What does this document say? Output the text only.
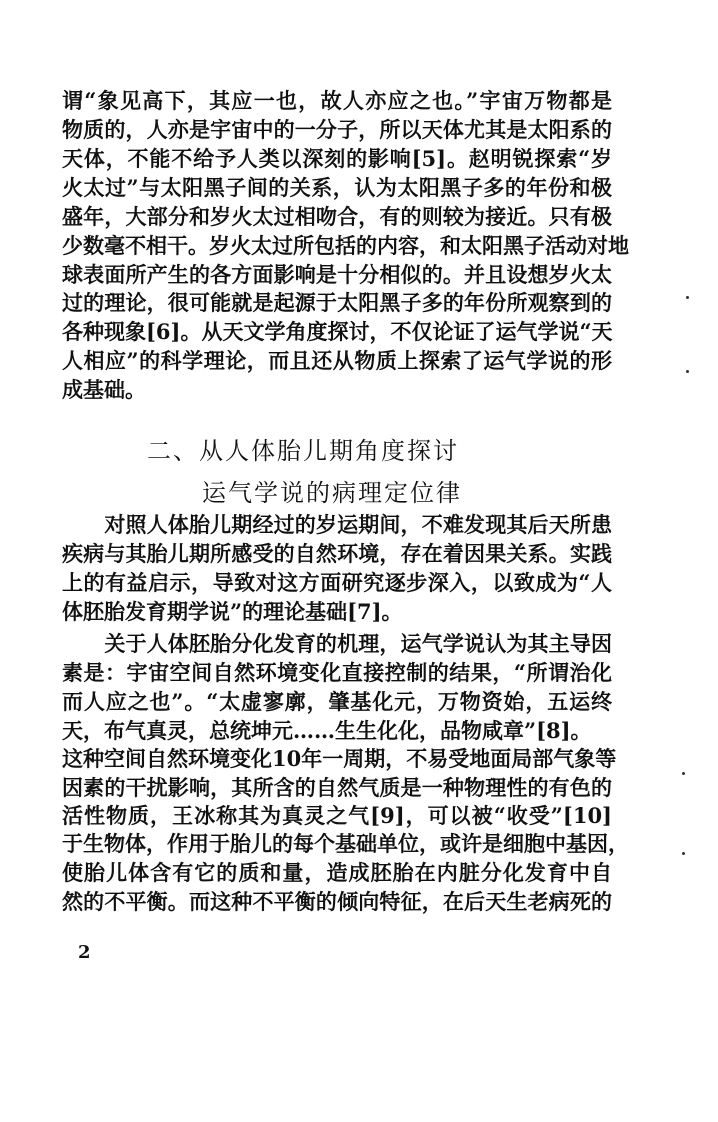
谓“象见高下，其应一也，故人亦应之也。”宇宙万物都是
物质的，人亦是宇宙中的一分子，所以天体尤其是太阳系的
天体，不能不给予人类以深刻的影响[5]。赵明锐探索“岁
火太过”与太阳黑子间的关系，认为太阳黑子多的年份和极
盛年，大部分和岁火太过相吻合，有的则较为接近。只有极
少数毫不相干。岁火太过所包括的内容，和太阳黑子活动对地
球表面所产生的各方面影响是十分相似的。并且设想岁火太
过的理论，很可能就是起源于太阳黑子多的年份所观察到的
各种现象[6]。从天文学角度探讨，不仅论证了运气学说“天
人相应”的科学理论，而且还从物质上探索了运气学说的形
成基础。
二、从人体胎儿期角度探讨
运气学说的病理定位律
　　对照人体胎儿期经过的岁运期间，不难发现其后天所患
疾病与其胎儿期所感受的自然环境，存在着因果关系。实践
上的有益启示，导致对这方面研究逐步深入，以致成为“人
体胚胎发育期学说”的理论基础[7]。
　　关于人体胚胎分化发育的机理，运气学说认为其主导因
素是：宇宙空间自然环境变化直接控制的结果，“所谓治化
而人应之也”。“太虚寥廓，肇基化元，万物资始，五运终
天，布气真灵，总统坤元……生生化化，品物咸章”[8]。
这种空间自然环境变化10年一周期，不易受地面局部气象等
因素的干扰影响，其所含的自然气质是一种物理性的有色的
活性物质，王冰称其为真灵之气[9]，可以被“收受”[10]
于生物体，作用于胎儿的每个基础单位，或许是细胞中基因，
使胎儿体含有它的质和量，造成胚胎在内脏分化发育中自
然的不平衡。而这种不平衡的倾向特征，在后天生老病死的
2
